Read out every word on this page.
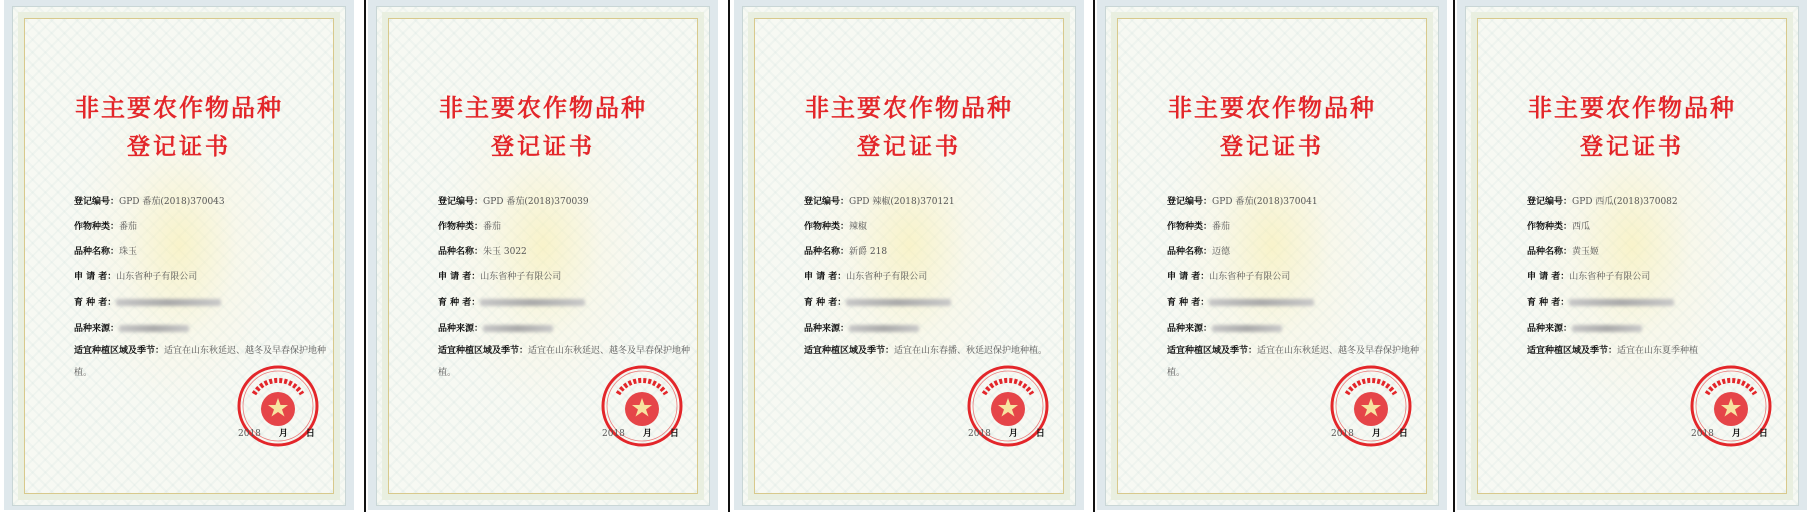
非主要农作物品种
登记证书
登记编号：GPD 番茄(2018)370043
作物种类：番茄
品种名称：珠玉
申 请 者：山东省种子有限公司
育 种 者：
品种来源：
适宜种植区域及季节：适宜在山东秋延迟、越冬及早春保护地种植。
2018 月 日
非主要农作物品种
登记证书
登记编号：GPD 番茄(2018)370039
作物种类：番茄
品种名称：朱玉 3022
申 请 者：山东省种子有限公司
育 种 者：
品种来源：
适宜种植区域及季节：适宜在山东秋延迟、越冬及早春保护地种植。
2018 月 日
非主要农作物品种
登记证书
登记编号：GPD 辣椒(2018)370121
作物种类：辣椒
品种名称：新爵 218
申 请 者：山东省种子有限公司
育 种 者：
品种来源：
适宜种植区域及季节：适宜在山东春播、秋延迟保护地种植。
2018 月 日
非主要农作物品种
登记证书
登记编号：GPD 番茄(2018)370041
作物种类：番茄
品种名称：迈德
申 请 者：山东省种子有限公司
育 种 者：
品种来源：
适宜种植区域及季节：适宜在山东秋延迟、越冬及早春保护地种植。
2018 月 日
非主要农作物品种
登记证书
登记编号：GPD 西瓜(2018)370082
作物种类：西瓜
品种名称：黄玉姬
申 请 者：山东省种子有限公司
育 种 者：
品种来源：
适宜种植区域及季节：适宜在山东夏季种植
2018 月 日
